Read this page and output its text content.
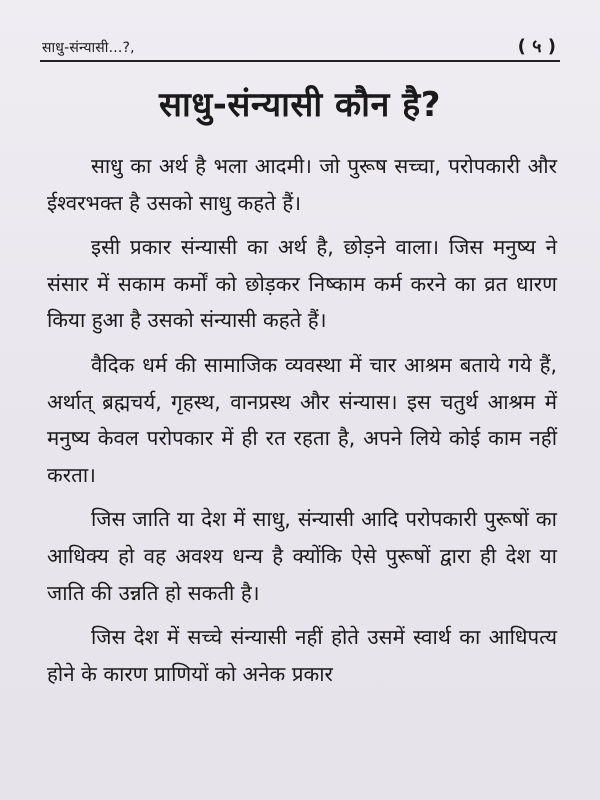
साधु-संन्यासी...?,	( ५ )
साधु-संन्यासी कौन है?

साधु का अर्थ है भला आदमी। जो पुरूष सच्चा, परोपकारी और ईश्वरभक्त है उसको साधु कहते हैं।

इसी प्रकार संन्यासी का अर्थ है, छोड़ने वाला। जिस मनुष्य ने संसार में सकाम कर्मों को छोड़कर निष्काम कर्म करने का व्रत धारण किया हुआ है उसको संन्यासी कहते हैं।

वैदिक धर्म की सामाजिक व्यवस्था में चार आश्रम बताये गये हैं, अर्थात् ब्रह्मचर्य, गृहस्थ, वानप्रस्थ और संन्यास। इस चतुर्थ आश्रम में मनुष्य केवल परोपकार में ही रत रहता है, अपने लिये कोई काम नहीं करता।

जिस जाति या देश में साधु, संन्यासी आदि परोपकारी पुरूषों का आधिक्य हो वह अवश्य धन्य है क्योंकि ऐसे पुरूषों द्वारा ही देश या जाति की उन्नति हो सकती है।

जिस देश में सच्चे संन्यासी नहीं होते उसमें स्वार्थ का आधिपत्य होने के कारण प्राणियों को अनेक प्रकार
